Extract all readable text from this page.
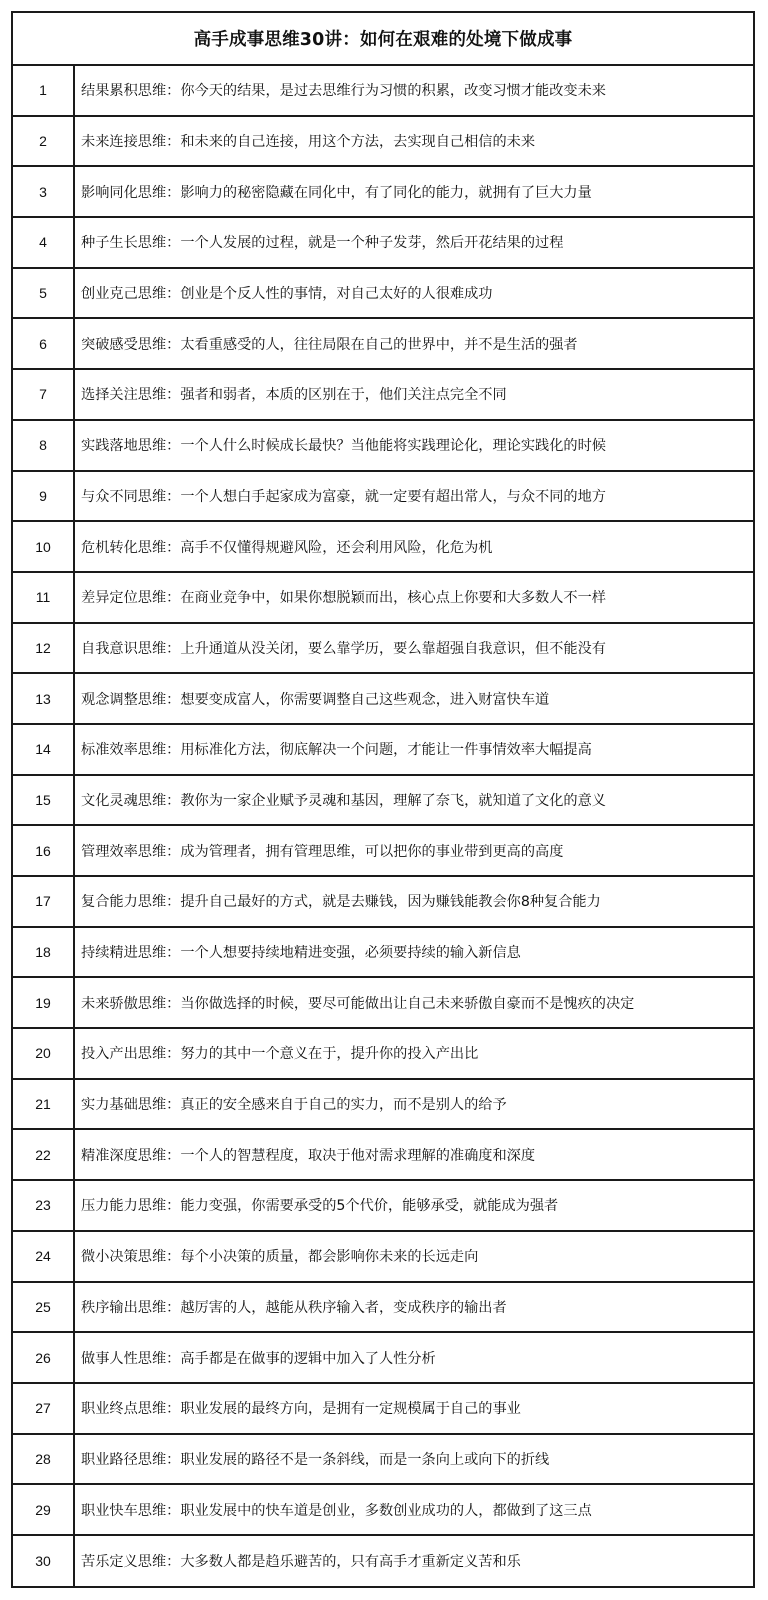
高手成事思维30讲：如何在艰难的处境下做成事
1	结果累积思维：你今天的结果，是过去思维行为习惯的积累，改变习惯才能改变未来
2	未来连接思维：和未来的自己连接，用这个方法，去实现自己相信的未来
3	影响同化思维：影响力的秘密隐藏在同化中，有了同化的能力，就拥有了巨大力量
4	种子生长思维：一个人发展的过程，就是一个种子发芽，然后开花结果的过程
5	创业克己思维：创业是个反人性的事情，对自己太好的人很难成功
6	突破感受思维：太看重感受的人，往往局限在自己的世界中，并不是生活的强者
7	选择关注思维：强者和弱者，本质的区别在于，他们关注点完全不同
8	实践落地思维：一个人什么时候成长最快？当他能将实践理论化，理论实践化的时候
9	与众不同思维：一个人想白手起家成为富豪，就一定要有超出常人，与众不同的地方
10	危机转化思维：高手不仅懂得规避风险，还会利用风险，化危为机
11	差异定位思维：在商业竞争中，如果你想脱颖而出，核心点上你要和大多数人不一样
12	自我意识思维：上升通道从没关闭，要么靠学历，要么靠超强自我意识，但不能没有
13	观念调整思维：想要变成富人，你需要调整自己这些观念，进入财富快车道
14	标准效率思维：用标准化方法，彻底解决一个问题，才能让一件事情效率大幅提高
15	文化灵魂思维：教你为一家企业赋予灵魂和基因，理解了奈飞，就知道了文化的意义
16	管理效率思维：成为管理者，拥有管理思维，可以把你的事业带到更高的高度
17	复合能力思维：提升自己最好的方式，就是去赚钱，因为赚钱能教会你8种复合能力
18	持续精进思维：一个人想要持续地精进变强，必须要持续的输入新信息
19	未来骄傲思维：当你做选择的时候，要尽可能做出让自己未来骄傲自豪而不是愧疚的决定
20	投入产出思维：努力的其中一个意义在于，提升你的投入产出比
21	实力基础思维：真正的安全感来自于自己的实力，而不是别人的给予
22	精准深度思维：一个人的智慧程度，取决于他对需求理解的准确度和深度
23	压力能力思维：能力变强，你需要承受的5个代价，能够承受，就能成为强者
24	微小决策思维：每个小决策的质量，都会影响你未来的长远走向
25	秩序输出思维：越厉害的人，越能从秩序输入者，变成秩序的输出者
26	做事人性思维：高手都是在做事的逻辑中加入了人性分析
27	职业终点思维：职业发展的最终方向，是拥有一定规模属于自己的事业
28	职业路径思维：职业发展的路径不是一条斜线，而是一条向上或向下的折线
29	职业快车思维：职业发展中的快车道是创业，多数创业成功的人，都做到了这三点
30	苦乐定义思维：大多数人都是趋乐避苦的，只有高手才重新定义苦和乐
